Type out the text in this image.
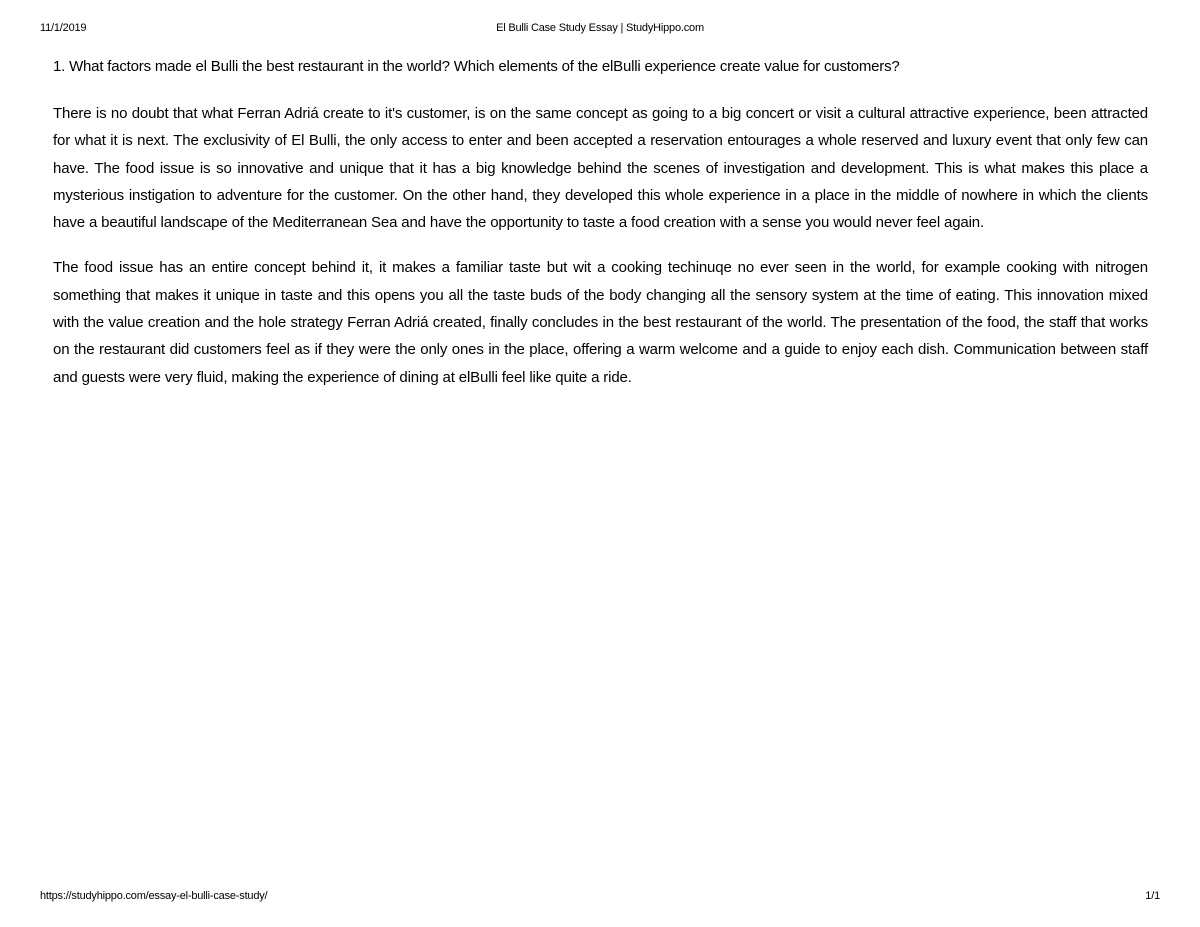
El Bulli Case Study Essay | StudyHippo.com
11/1/2019

1. What factors made el Bulli the best restaurant in the world? Which elements of the elBulli experience create value for customers?

There is no doubt that what Ferran Adriá create to it's customer, is on the same concept as going to a big concert or visit a cultural attractive experience, been attracted for what it is next. The exclusivity of El Bulli, the only access to enter and been accepted a reservation entourages a whole reserved and luxury event that only few can have. The food issue is so innovative and unique that it has a big knowledge behind the scenes of investigation and development. This is what makes this place a mysterious instigation to adventure for the customer. On the other hand, they developed this whole experience in a place in the middle of nowhere in which the clients have a beautiful landscape of the Mediterranean Sea and have the opportunity to taste a food creation with a sense you would never feel again.

The food issue has an entire concept behind it, it makes a familiar taste but wit a cooking techinuqe no ever seen in the world, for example cooking with nitrogen something that makes it unique in taste and this opens you all the taste buds of the body changing all the sensory system at the time of eating. This innovation mixed with the value creation and the hole strategy Ferran Adriá created, finally concludes in the best restaurant of the world. The presentation of the food, the staff that works on the restaurant did customers feel as if they were the only ones in the place, offering a warm welcome and a guide to enjoy each dish. Communication between staff and guests were very fluid, making the experience of dining at elBulli feel like quite a ride.

https://studyhippo.com/essay-el-bulli-case-study/	1/1
